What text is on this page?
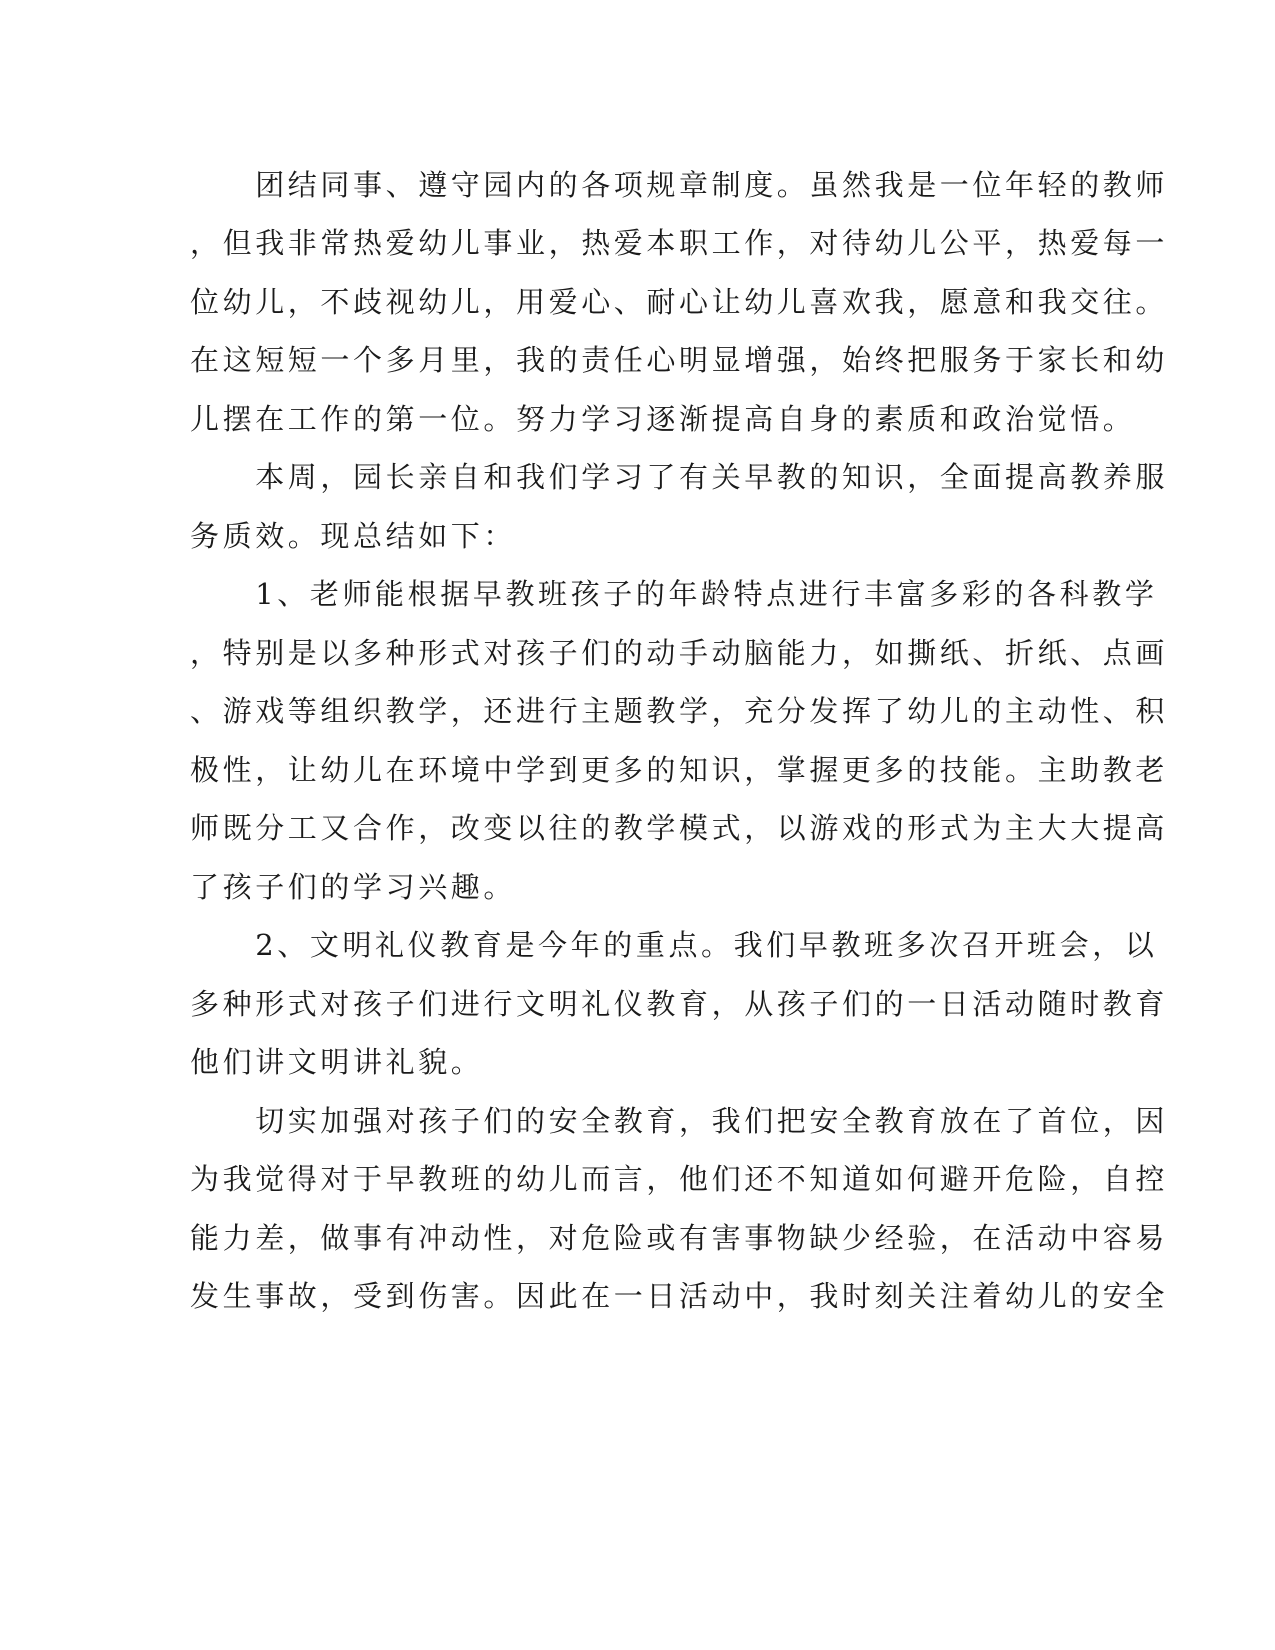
　　团结同事、遵守园内的各项规章制度。虽然我是一位年轻的教师
，但我非常热爱幼儿事业，热爱本职工作，对待幼儿公平，热爱每一
位幼儿，不歧视幼儿，用爱心、耐心让幼儿喜欢我，愿意和我交往。
在这短短一个多月里，我的责任心明显增强，始终把服务于家长和幼
儿摆在工作的第一位。努力学习逐渐提高自身的素质和政治觉悟。
　　本周，园长亲自和我们学习了有关早教的知识，全面提高教养服
务质效。现总结如下：
　　1、老师能根据早教班孩子的年龄特点进行丰富多彩的各科教学
，特别是以多种形式对孩子们的动手动脑能力，如撕纸、折纸、点画
、游戏等组织教学，还进行主题教学，充分发挥了幼儿的主动性、积
极性，让幼儿在环境中学到更多的知识，掌握更多的技能。主助教老
师既分工又合作，改变以往的教学模式，以游戏的形式为主大大提高
了孩子们的学习兴趣。
　　2、文明礼仪教育是今年的重点。我们早教班多次召开班会，以
多种形式对孩子们进行文明礼仪教育，从孩子们的一日活动随时教育
他们讲文明讲礼貌。
　　切实加强对孩子们的安全教育，我们把安全教育放在了首位，因
为我觉得对于早教班的幼儿而言，他们还不知道如何避开危险，自控
能力差，做事有冲动性，对危险或有害事物缺少经验，在活动中容易
发生事故，受到伤害。因此在一日活动中，我时刻关注着幼儿的安全
